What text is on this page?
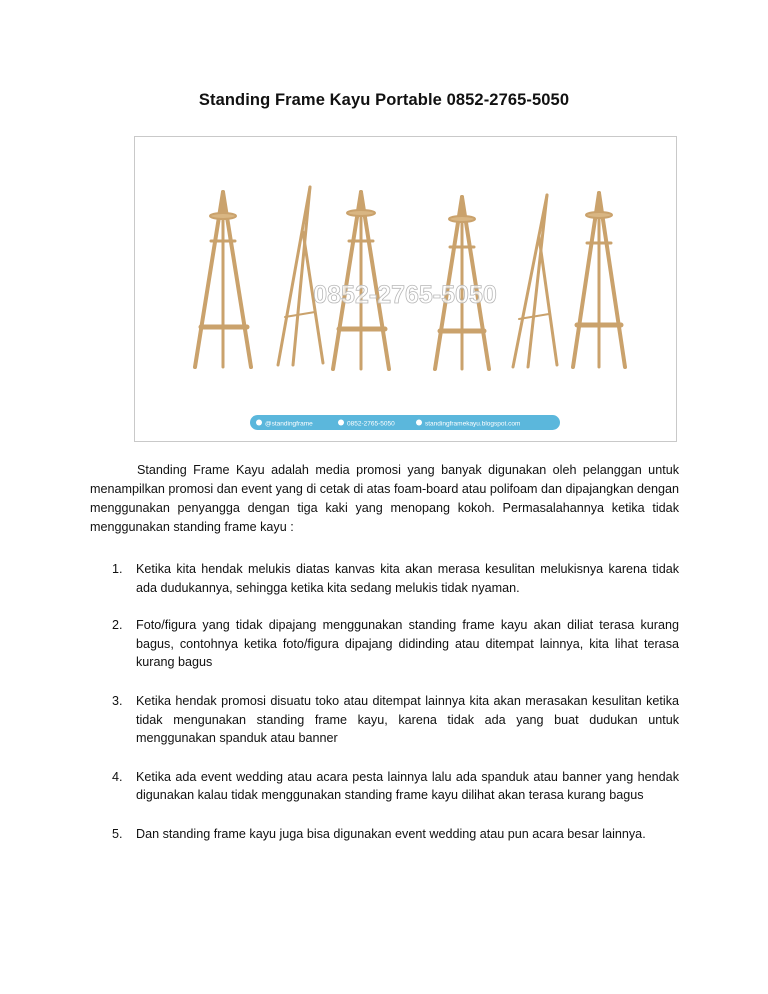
Standing Frame Kayu Portable 0852-2765-5050
0852-2765-5050
@standingframe	0852-2765-5050	standingframekayu.blogspot.com

Standing Frame Kayu adalah media promosi yang banyak digunakan oleh pelanggan untuk menampilkan promosi dan event yang di cetak di atas foam-board atau polifoam dan dipajangkan dengan menggunakan penyangga dengan tiga kaki yang menopang kokoh. Permasalahannya ketika tidak menggunakan standing frame kayu :

1. Ketika kita hendak melukis diatas kanvas kita akan merasa kesulitan melukisnya karena tidak ada dudukannya, sehingga ketika kita sedang melukis tidak nyaman.
2. Foto/figura yang tidak dipajang menggunakan standing frame kayu akan diliat terasa kurang bagus, contohnya ketika foto/figura dipajang didinding atau ditempat lainnya, kita lihat terasa kurang bagus
3. Ketika hendak promosi disuatu toko atau ditempat lainnya kita akan merasakan kesulitan ketika tidak mengunakan standing frame kayu, karena tidak ada yang buat dudukan untuk menggunakan spanduk atau banner
4. Ketika ada event wedding atau acara pesta lainnya lalu ada spanduk atau banner yang hendak digunakan kalau tidak menggunakan standing frame kayu dilihat akan terasa kurang bagus
5. Dan standing frame kayu juga bisa digunakan event wedding atau pun acara besar lainnya.
